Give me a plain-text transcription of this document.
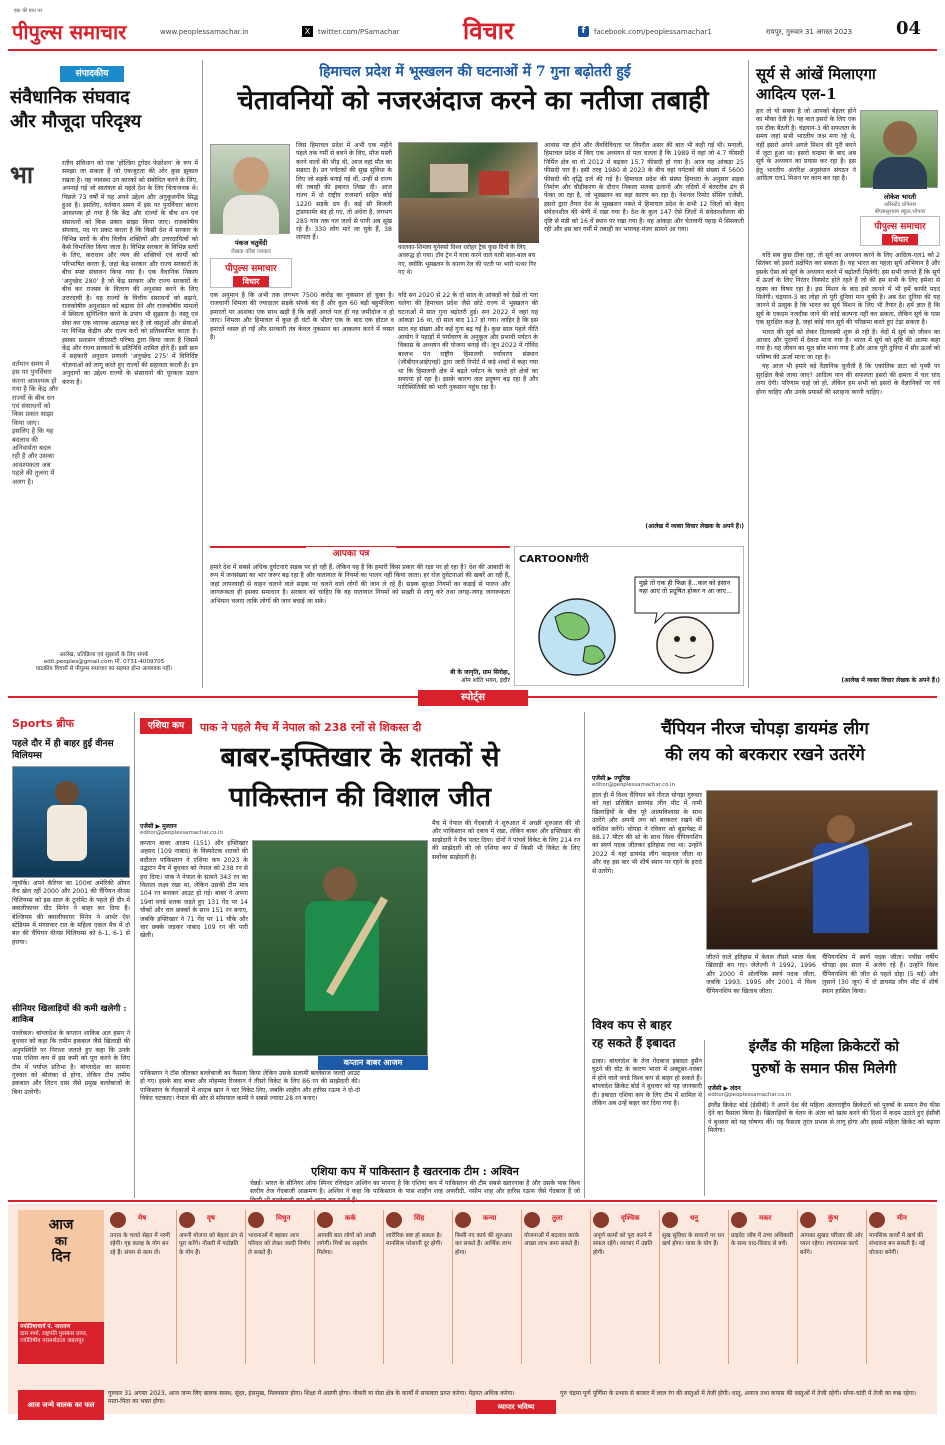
पीपुल्स समाचार
हक़ की बात पर
www.peoplessamachar.in	X	twitter.com/PSamachar	विचार	f	facebook.com/peoplessamachar1	रायपुर, गुरुवार 31 अगस्त 2023 04
संपादकीय
संवैधानिक संघवाद
और मौजूदा परिदृश्य
भा	रतीय संविधान को एक 'होल्डिंग टुगेदर फेडरेशन' के रूप में समझा जा सकता है जो एकजुटता की ओर कुछ झुकाव रखता है। यह व्यवस्था उन कारकों को संबोधित करने के लिए, अपनाई गई जो स्वतंत्रता से पहले देश के लिए चिंताजनक थे। पिछले 73 वर्षों में यह अपने उद्देश्य और अनुकूलनीय सिद्ध हुआ है। इसलिए, वर्तमान समय में इस पर पुनर्विचार करना आवश्यक हो गया है कि केंद्र और राज्यों के बीच धन एवं संसाधनों को किस प्रकार साझा किया जाए। राजकोषीय संघवाद, पद पर प्रकट करता है कि किसी देश में सरकार के विभिन्न स्तरों के बीच वित्तीय शक्तियों और उत्तरदायित्वों को कैसे विभाजित किया जाता है। विभिन्न सरकार के विभिन्न स्तरों के लिए, कराधान और व्यय की शक्तियों एवं कार्यों को परिभाषित करता है, जहां केंद्र सरकार और राज्य सरकारों के बीच स्पष्ट संचालन किया गया है। एक वैधानिक निकाय 'अनुच्छेद 280' है जो केंद्र सरकार और राज्य सरकारों के बीच कर राजस्व के वितरण की अनुशंसा करने के लिए उत्तरदायी है। यह राज्यों के वित्तीय संसाधनों को बढ़ाने, राजकोषीय अनुशासन को बढ़ावा देने और राजकोषीय मामलों में स्थिरता सुनिश्चित करने के उपाय भी सुझाता है। वस्तु एवं सेवा कर एक व्यापक अप्रत्यक्ष कर है जो वस्तुओं और सेवाओं पर विभिन्न केंद्रीय और राज्य करों को प्रतिस्थापित करता है। इसका प्रशासन जीएसटी परिषद द्वारा किया जाता है जिसमें केंद्र और राज्य सरकारों के प्रतिनिधि शामिल होते हैं। इसी क्रम में सहकारी अनुदान प्रणाली 'अनुच्छेद 275' में विनिर्दिष्ट योजनाओं को लागू करते हुए राज्यों की सहायता करती है। इन अनुदानों का उद्देश्य राज्यों के संसाधनों की पूरकता प्रदान करना है।
वर्तमान समय में इस पर पुनर्विचार करना आवश्यक हो गया है कि केंद्र और राज्यों के बीच धन एवं संसाधनों को किस प्रकार साझा किया जाए। इसलिए है कि यह बदलाव की अनिवार्यता बदल रही है और उसका आवश्यकता अब पहले की तुलना में अलग है।
आलेख, प्रतिक्रिया एवं सुझावों के लिए संपर्क
edit.peoples@gmail.com मो. 0731-4009705
पाठकीय विचारों से पीपुल्स समाचार का सहमत होना आवश्यक नहीं।
हिमाचल प्रदेश में भूस्खलन की घटनाओं में 7 गुना बढ़ोतरी हुई
चेतावनियों को नजरअंदाज करने का नतीजा तबाही
पंकज चतुर्वेदी
लेखक वरिष्ठ पत्रकार
पीपुल्स समाचार
विचार
जिस हिमाचल प्रदेश में अभी एक महीने पहले तक गर्मी से बचने के लिए, मौज मस्ती करने वालों की भीड़ थी, आज वहां मौत का सन्नाटा है। उन पर्यटकों की सुख सुविधा के लिए जो सड़कें बनाई गई थीं, उन्हीं से राज्य की तबाही की इबारत लिखा दी। आज राज्य में दो राष्ट्रीय राजमार्ग सहित कोई 1220 सड़कें ठप हैं। कई सौ बिजली ट्रांसफार्मर बंद हो गए, तो अंधेरा है, लगभग 285 गांव तक नल जलों से पानी अब सूख रहे हैं। 330 लोग मारे जा चुके हैं, 38 लापता हैं।
कालका-शिमला यूनेस्को विश्व धरोहर ट्रैक कुछ दिनों के लिए अवरुद्ध हो गया। टॉय ट्रेन में यात्रा करने वाले यात्री बाल-बाल बच गए, क्योंकि भूस्खलन के कारण रेल की पटरी पर भारी पत्थर गिर गए थे।
एक अनुमान है कि अभी तक लगभग 7500 करोड़ का नुकसान हो चुका है। राजधानी शिमला की ज्यादातर सड़कें संपर्क बंद हैं और कुल 60 बड़ी बहुमंजिला इमारतों पर आशंका एक साथ खड़ी है कि कहीं अगले पल ही यह जमींदोज न हो जाए। शिमला और हिमाचल में कुछ ही घंटों के भीतर एक के बाद एक होटल व इमारतें ध्वस्त हो गईं और सरकारी तंत्र केवल नुकसान का आकलन करने में व्यस्त है।
यदि सन 2020 से 22 के दो साल के आंकड़ों को देखें तो पता चलेगा की हिमाचल प्रदेश जैसे छोटे राज्य में भूस्खलन की घटनाओं में सात गुना बढ़ोतरी हुई। सन 2022 में जहां यह आंकड़ा 16 था, दो साल बाद 117 हो गया। जाहिर है कि इस साल यह संख्या और कई गुना बढ़ गई है। कुछ साल पहले नीति आयोग ने पहाड़ों में पर्यावरण के अनुकूल और प्रभावी पर्यटन के विकास के अध्ययन की योजना बनाई थी। जून 2022 में गोविंद बल्लभ पंत राष्ट्रीय हिमालयी पर्यावरण संस्थान (जीबीएनआईएचई) द्वारा जारी रिपोर्ट में कड़े शब्दों में कहा गया था कि हिमालयी क्षेत्र में बढ़ते पर्यटन के चलते हरे क्षेत्रों का सफाया हो रहा है। इसके कारण जल प्रदूषण बढ़ रहा है और पारिस्थितिकी को भारी नुकसान पहुंच रहा है।
आवास नष्ट होने और जैवविविधता पर विपरीत असर की बात भी कही गई थी। मनाली, हिमाचल प्रदेश में किए एक अध्ययन से पता चलता है कि 1989 में वहां जो 4.7 फीसदी निर्मित क्षेत्र था वो 2012 में बढ़कर 15.7 फीसदी हो गया है। आज यह आंकड़ा 25 फीसदी पार है। इसी तरह 1980 से 2023 के बीच वहां पर्यटकों की संख्या में 5600 फीसदी की वृद्धि दर्ज की गई है। हिमाचल प्रदेश की संस्था हिमधरा के अनुसार सड़क निर्माण और चौड़ीकरण के दौरान निकला मलबा ढलानों और नदियों में बेतरतीब ढंग से फेंका जा रहा है, जो भूस्खलन का बड़ा कारण बन रहा है। नेशनल रिमोट सेंसिंग एजेंसी, इसरो द्वारा तैयार देश के भूस्खलन नक्शे में हिमाचल प्रदेश के सभी 12 जिलों को बेहद संवेदनशील की श्रेणी में रखा गया है। देश के कुल 147 ऐसे जिलों में संवेदनशीलता की दृष्टि से मंडी को 16 वें स्थान पर रखा गया है। यह आंकड़ा और चेतावनी पहाड़ में सिसकती रही और इस बार गर्मी में तबाही का भयावह मंजर सामने आ गया।
(आलेख में व्यक्त विचार लेखक के अपने हैं।)
आपका पत्र
हमारे देश में सबसे अधिक दुर्घटनाएं सड़क पर हो रही हैं, लेकिन यह है कि हमारी किस प्रकार की रक्षा पर हो रहा है? देश की आबादी के रूप में जनसंख्या का भार जरूर बढ़ रहा है और यातायात के नियमों का पालन नहीं किया जाता। हर रोज दुर्घटनाओं की खबरें आ रही हैं, जहां लापरवाही से वाहन चलाने वाले सड़क पर चलने वाले लोगों की जान ले रहे हैं। सड़क सुरक्षा नियमों का कड़ाई से पालन और जागरूकता ही इसका समाधान है। सरकार को चाहिए कि वह यातायात नियमों को सख्ती से लागू करे तथा जगह-जगह जागरूकता अभियान चलाए ताकि लोगों की जान बचाई जा सके।
बी के जागृति, ग्राम सिरोहा,
ओम शांति भवन, इंदौर
CARTOONगीरी
मुझे तो एक ही फिक्र है...कल को इंसान यहां आए तो प्रदूषित होकर न आ जाए...
सूर्य से आंखें मिलाएगा
आदित्य एल-1
हार तो यो सबक है जो आपको बेहतर होने का मौका देती है। यह बात इसरो के लिए एक दम ठीक बैठती है। चंद्रयान-3 की सफलता के समय जहां सभी भारतीय जश्न मना रहे थे, वहीं इसरो अपने अगले मिशन की पूरी करने में जुटा हुआ था। इसरो चन्द्रमा के बाद अब सूर्य के अध्ययन का प्रयास कर रहा है। इस हेतु भारतीय अंतरिक्ष अनुसंधान संगठन ने आदित्य एल1 मिशन पर काम कर रहा है।
लोकेश भारती
असिस्टेंट प्रोफेसर
बीएससूरधाम स्कूल,भोपाल
पीपुल्स समाचार
विचार

यदि सब कुछ ठीक रहा, तो सूर्य का अध्ययन करने के लिए आदित्य-एल1 को 2 सितंबर को इसरो प्रक्षेपित कर सकता है। यह भारत का पहला सूर्य अभियान है और इसके ऐसा को सूर्य के अध्ययन करने में बढ़ोतरी मिलेगी। इस सभी जानते हैं कि सूर्य में ऊर्जा के लिए निरंतर विस्फोट होते रहते हैं जो की हम सभी के लिए हमेशा से रहस्य का विषय रहा है। इस मिशन के बाद इसे जानने में भी हमें काफी मदद मिलेगी। चंद्रयान-3 का लोहा तो पूरी दुनिया मान चुकी है। अब देश दुनिया की यह जानने में उत्सुक है कि भारत का सूर्य मिशन के लिए भी तैयार है। हमें ज्ञात है कि सूर्य के एकदम नजदीक जाने की कोई कल्पना नहीं कर सकता, लेकिन सूर्य के पास एक सुरक्षित कक्ष है, जहां कोई यान सूर्य की परिक्रमा करते हुए टेढ़ा सकता है।

भारत की सूर्य को लेकर दिलचस्पी शुरू से रही है। वेदों में सूर्य को जीवन का आधार और पुराणों में देवता माना गया है। भारत में सूर्य को सृष्टि की आत्मा कहा गया है। यह जीवन का मूल स्रोत माना गया है और आज पूरी दुनिया में सौर ऊर्जा को भविष्य की ऊर्जा माना जा रहा है।

यह आज भी हमारे बड़े वैज्ञानिक चुनौती है कि एकांतिक डाटा को पृथ्वी पर सुरक्षित कैसे लाया जाए? आदित्य यान की सफलता इसरो की क्षमता में चार चांद लगा देगी। परिणाम चाहे जो हो, लेकिन हम सभी को इसरो के वैज्ञानिकों पर गर्व होना चाहिए और उनके प्रयासों की सराहना करनी चाहिए।

(आलेख में व्यक्त विचार लेखक के अपने हैं।)
स्पोर्ट्स
Sports ब्रीफ
पहले दौर में ही बाहर हुईं वीनस विलियम्स
न्यूयॉर्क। अपने कॅरियर का 100वां अमेरिकी ओपन मैच खेल रहीं 2000 और 2001 की चैंपियन वीनस विलियम्स को इस साल के टूर्नामेंट के पहले ही दौर में क्वालीफायर ग्रीट मिनेन ने बाहर कर दिया है। बेल्जियम की क्वालीफायर मिनेन ने आर्थर ऐश स्टेडियम में मंगलवार रात के महिला एकल मैच में दो बार की चैंपियन वीनस विलियम्स को 6-1, 6-1 से हराया।
सीनियर खिलाड़ियों की कमी खलेगी : शाकिब
पल्लेकल। बांग्लादेश के कप्तान शाकिब अल हसन ने बुधवार को कहा कि तमीम इकबाल जैसे खिलाड़ी की अनुपस्थिति पर निराशा जताते हुए कहा कि उनके पास एशिया कप में इस कमी को पूरा करने के लिए टीम में पर्याप्त प्रतिभा है। बांग्लादेश का सामना गुरुवार को श्रीलंका से होगा, लेकिन टीम तमीम इकबाल और लिटन दास जैसे प्रमुख बल्लेबाजों के बिना उतरेगी।
एशिया कप	पाक ने पहले मैच में नेपाल को 238 रनों से शिकस्त दी
बाबर-इफ्तिखार के शतकों से
पाकिस्तान की विशाल जीत
एजेंसी ▶ मुल्तान
editor@peoplessamachar.co.in
कप्तान बाबर आजम (151) और इफ्तिखार अहमद (109 नाबाद) के विस्फोटक शतकों की बदौलत पाकिस्तान ने एशिया कप 2023 के उद्घाटन मैच में बुधवार को नेपाल को 238 रन से हरा दिया। पाक ने नेपाल के सामने 343 रन का विशाल लक्ष्य रखा था, लेकिन उसकी टीम मात्र 104 रन बनाकर आउट हो गई। बाबर ने अपना 19वां वनडे शतक जड़ते हुए 131 गेंद पर 14 चौकों और चार छक्कों के साथ 151 रन बनाए, जबकि इफ्तिखार ने 71 गेंद पर 11 चौके और चार छक्के जड़कर नाबाद 109 रन की पारी खेली।
पाकिस्तान ने टॉस जीतकर बल्लेबाजी का फैसला किया लेकिन उसके सलामी बल्लेबाज जल्दी आउट हो गए। इसके बाद बाबर और मोहम्मद रिजवान ने तीसरे विकेट के लिए 86 रन की साझेदारी की। पाकिस्तान के गेंदबाजों में शादाब खान ने चार विकेट लिए, जबकि शाहीन और हारिस रऊफ ने दो-दो विकेट चटकाए। नेपाल की ओर से सोमपाल कामी ने सबसे ज्यादा 28 रन बनाए।
कप्तान बाबर आजम
मैच में नेपाल की गेंदबाजी ने शुरुआत में अच्छी शुरुआत की थी और पाकिस्तान को दबाव में रखा, लेकिन बाबर और इफ्तिखार की साझेदारी ने मैच पलट दिया। दोनों ने पांचवें विकेट के लिए 214 रन की साझेदारी की जो एशिया कप में किसी भी विकेट के लिए सर्वोच्च साझेदारी है।
एशिया कप में पाकिस्तान है खतरनाक टीम : अश्विन
चेन्नई। भारत के सीनियर ऑफ स्पिनर रविचंद्रन अश्विन का मानना है कि एशिया कप में पाकिस्तान की टीम सबसे खतरनाक है और उसके पास विश्व स्तरीय तेज गेंदबाजी आक्रमण है। अश्विन ने कहा कि पाकिस्तान के पास शाहीन शाह अफरीदी, नसीम शाह और हारिस रऊफ जैसे गेंदबाज हैं जो
चैंपियन नीरज चोपड़ा डायमंड लीग
की लय को बरकरार रखने उतरेंगे
एजेंसी ▶ ज्यूरिख
editor@peoplessamachar.co.in
हाल ही में विश्व चैंपियन बने नीरज चोपड़ा गुरुवार को यहां प्रतिष्ठित डायमंड लीग मीट में नामी खिलाड़ियों के बीच पूरे आत्मविश्वास के साथ उतरेंगे और अपनी लय को बरकरार रखने की कोशिश करेंगे। चोपड़ा ने रविवार को बुडापेस्ट में 88.17 मीटर की थ्रो के साथ विश्व चैंपियनशिप का स्वर्ण पदक जीतकर इतिहास रचा था। उन्होंने 2022 में यहां डायमंड लीग फाइनल जीता था और वह इस बार भी शीर्ष स्थान पर रहने के इरादे से उतरेंगे।
जीतने वाले इतिहास में केवल तीसरे भाला फेंक खिलाड़ी बन गए। जेलेज्नी ने 1992, 1996 और 2000 में ओलंपिक स्वर्ण पदक जीता, जबकि 1993, 1995 और 2001 में विश्व चैंपियनशिप का खिताब जीता।
चैंपियनशिप में स्वर्ण पदक जीता। पचीस वर्षीय चोपड़ा इस साल में अजेय रहे हैं। उन्होंने विश्व चैंपियनशिप की जीत से पहले दोहा (5 मई) और लुसाने (30 जून) में दो डायमंड लीग मीट में शीर्ष स्थान हासिल किया।
विश्व कप से बाहर
रह सकते हैं इबादत
ढाका। बांग्लादेश के तेज गेंदबाज इबादत हुसैन घुटने की चोट के कारण भारत में अक्टूबर-नवंबर में होने वाले वनडे विश्व कप से बाहर हो सकते हैं। बांग्लादेश क्रिकेट बोर्ड ने बुधवार को यह जानकारी दी। इबादत एशिया कप के लिए टीम में शामिल थे लेकिन अब उन्हें बाहर कर दिया गया है।
इंग्लैंड की महिला क्रिकेटरों को
पुरुषों के समान फीस मिलेगी
एजेंसी ▶ लंदन
editor@peoplessamachar.co.in
इंग्लैंड क्रिकेट बोर्ड (ईसीबी) ने अपने देश की महिला अंतरराष्ट्रीय क्रिकेटरों को पुरुषों के समान मैच फीस देने का फैसला किया है। खिलाड़ियों के वेतन के अंतर को खत्म करने की दिशा में कदम उठाते हुए ईसीबी ने बुधवार को यह घोषणा की। यह फैसला तुरंत प्रभाव से लागू होगा और इससे महिला क्रिकेट को बढ़ावा मिलेगा।
आज
का
दिन
ज्योतिषाचार्य पं. नारायण
दास शर्मा, राष्ट्रपति पुरस्कार प्राप्त, ज्योतिषीय परामर्शदाता जबलपुर
मेष
तनाव के चलते सेहत में नरमी रहेगी। गृह कलह के योग बन रहे हैं। संयम से काम लें।
वृष
अपनी योजना को बेहतर ढंग से पूरा करेंगे। नौकरी में पदोन्नति के योग हैं।
मिथुन
भावनाओं में बहकर आप परिवार को लेकर जल्दी निर्णय ले सकते हैं।
कर्क
आपकी बात लोगों को अच्छी लगेगी। मित्रों का सहयोग मिलेगा।
सिंह
शारीरिक कष्ट हो सकता है। मानसिक परेशानी दूर होगी।
कन्या
किसी नए कार्य की शुरुआत कर सकते हैं। आर्थिक लाभ होगा।
तुला
योजनाओं में बदलाव करके अच्छा लाभ कमा सकते हैं।
वृश्चिक
अपूर्ण कामों को पूरा करने में सफल रहेंगे। व्यापार में उन्नति होगी।
धनु
सुख सुविधा के साधनों पर धन खर्च होगा। यात्रा के योग हैं।
मकर
प्राइवेट जॉब में उच्च अधिकारी के साथ वाद-विवाद से बचें।
कुंभ
आपका सुखद परिवार की ओर ध्यान रहेगा। रचनात्मक कार्य बनेंगे।
मीन
मानसिक कार्यों में खर्च की संभावना बन सकती है। नई योजना बनेगी।
आज जन्मे बालक का फल
गुरुवार 31 अगस्त 2023, आज जन्म लिए बालक स्वस्थ, सुंदर, हंसमुख, मिलनसार होगा। शिक्षा में अग्रणी होगा। नौकरी या सेवा क्षेत्र के कार्यों में सफलता प्राप्त करेगा। मेहनत अधिक करेगा। माता-पिता का भक्त होगा।
व्यापार भविष्य
गुरु चंद्रमा पूर्ण पूर्णिमा के प्रभाव से बाजार में लाल रंग की वस्तुओं में तेजी होगी। धातु, अनाज तथा कपास की वस्तुओं में तेजी रहेगी। सोना-चांदी में तेजी का रुख रहेगा।
